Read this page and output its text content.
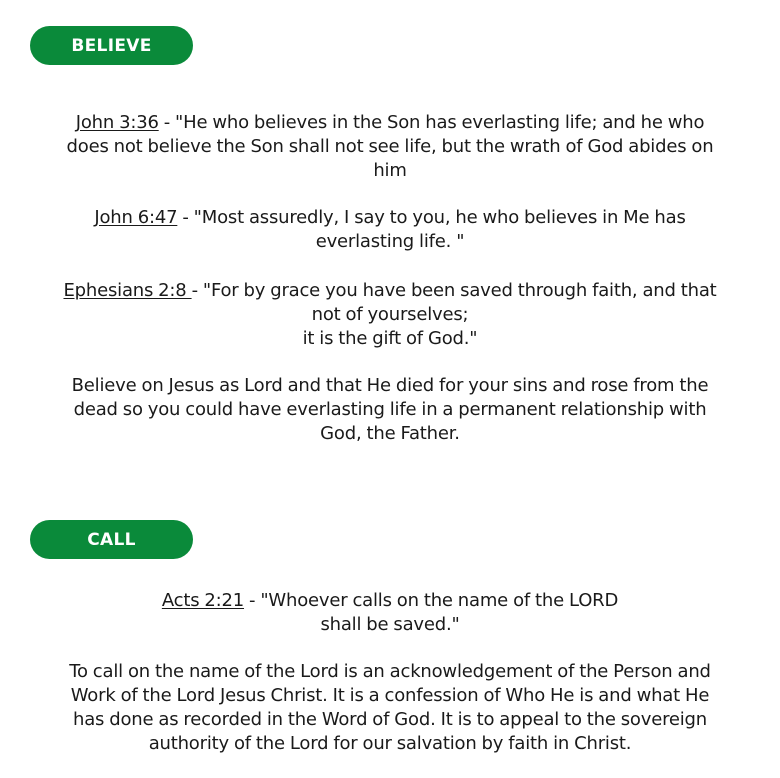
BELIEVE
John 3:36 - "He who believes in the Son has everlasting life; and he who
does not believe the Son shall not see life, but the wrath of God abides on
him
John 6:47 - "Most assuredly, I say to you, he who believes in Me has
everlasting life. "
Ephesians 2:8 - "For by grace you have been saved through faith, and that
not of yourselves;
it is the gift of God."
Believe on Jesus as Lord and that He died for your sins and rose from the
dead so you could have everlasting life in a permanent relationship with
God, the Father.
CALL
Acts 2:21 - "Whoever calls on the name of the LORD
shall be saved."
To call on the name of the Lord is an acknowledgement of the Person and
Work of the Lord Jesus Christ. It is a confession of Who He is and what He
has done as recorded in the Word of God. It is to appeal to the sovereign
authority of the Lord for our salvation by faith in Christ.
